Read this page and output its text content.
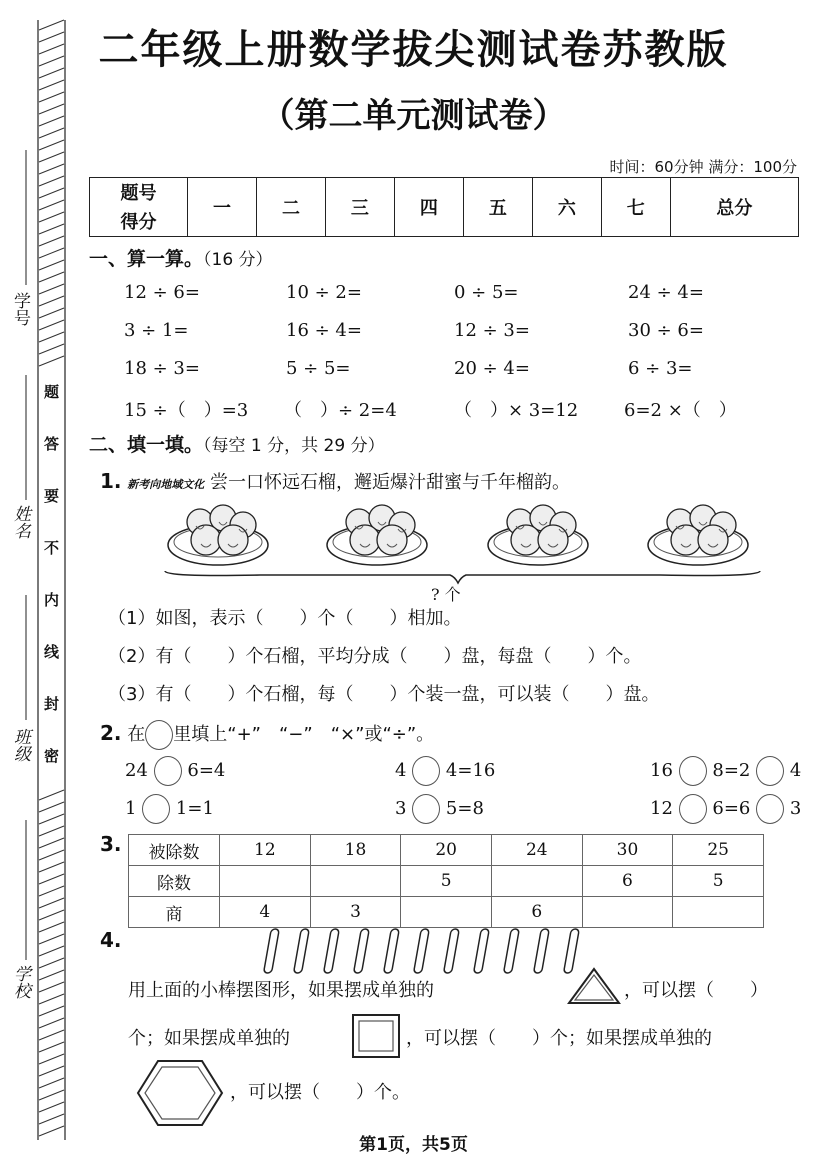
学号
姓名
班级
学校
题
答
要
不
内
线
封
密
二年级上册数学拔尖测试卷苏教版
（第二单元测试卷）
时间：60分钟 满分：100分
题号	一	二	三	四	五	六	七	总分
得分
一、算一算。（16 分）
12 ÷ 6=	10 ÷ 2=	0 ÷ 5=	24 ÷ 4=
3 ÷ 1=	16 ÷ 4=	12 ÷ 3=	30 ÷ 6=
18 ÷ 3=	5 ÷ 5=	20 ÷ 4=	6 ÷ 3=
15 ÷（　）=3 （　）÷ 2=4	（　）× 3=12	6=2 ×（　）
二、填一填。（每空 1 分，共 29 分）
1. 新考向地域文化 尝一口怀远石榴，邂逅爆汁甜蜜与千年榴韵。
? 个
（1）如图，表示（　　）个（　　）相加。
（2）有（　　）个石榴，平均分成（　　）盘，每盘（　　）个。
（3）有（　　）个石榴，每（　　）个装一盘，可以装（　　）盘。
2. 在 里填上“+”　“−”　“×”或“÷”。
24 6=4	4 4=16	16 8=2 4
1 1=1	3 5=8	12 6=6 3
3. 被除数	12	18	20	24	30	25
除数			5		6	5
商	4	3		6		
4.
用上面的小棒摆图形，如果摆成单独的	，可以摆（　　）
个；如果摆成单独的	，可以摆（　　）个；如果摆成单独的
，可以摆（　　）个。
第1页，共5页
